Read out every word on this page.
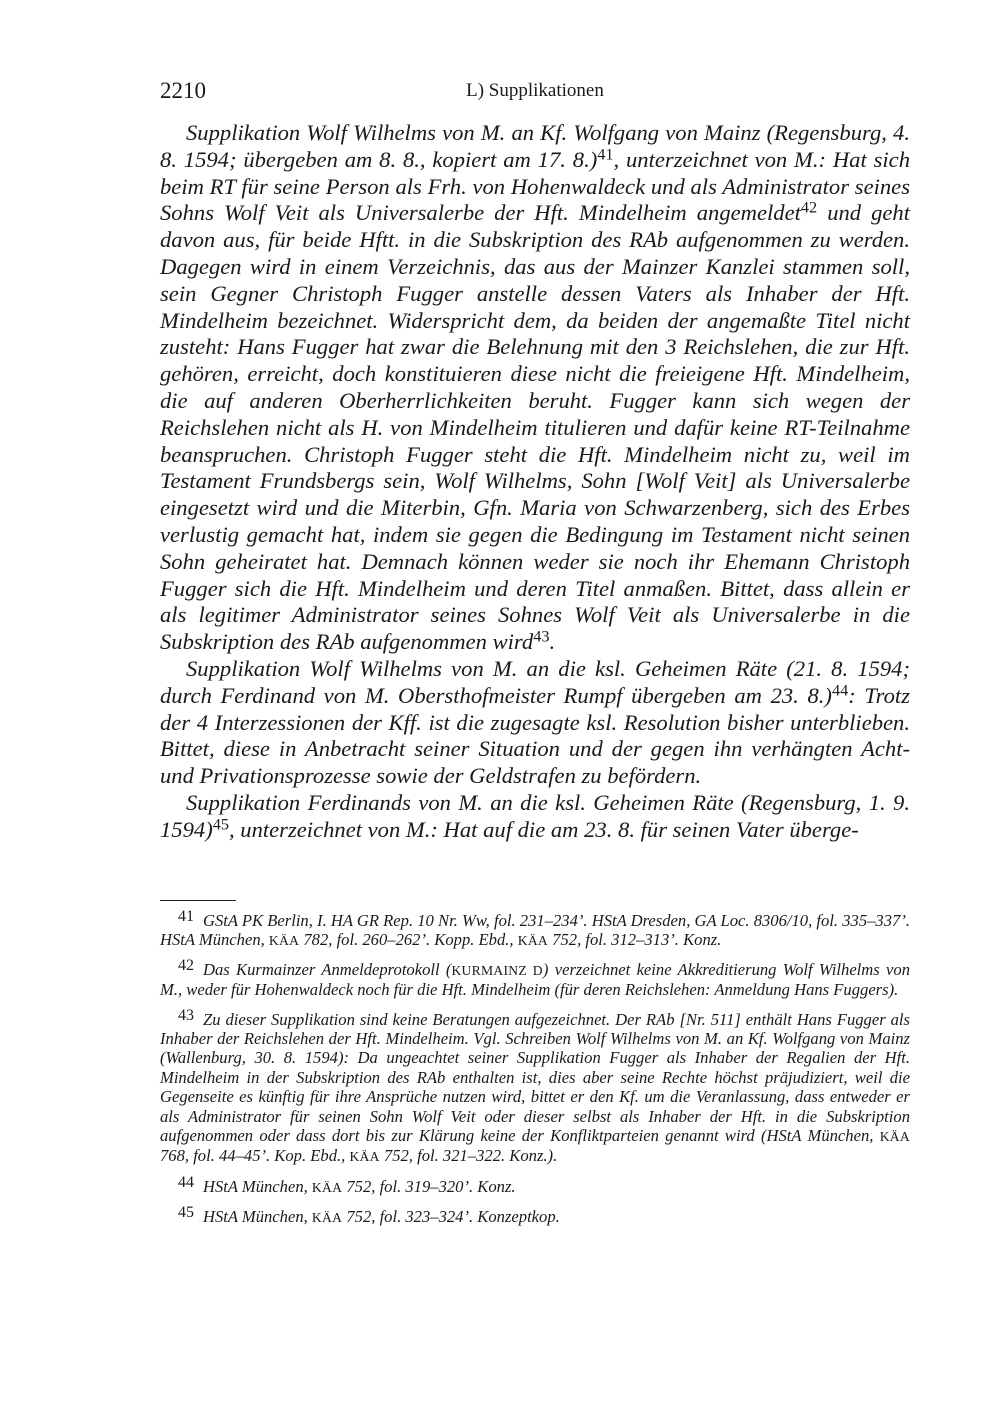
2210	L) Supplikationen

Supplikation Wolf Wilhelms von M. an Kf. Wolfgang von Mainz (Regensburg, 4. 8. 1594; übergeben am 8. 8., kopiert am 17. 8.)$^{41}$, unterzeichnet von M.: Hat sich beim RT für seine Person als Frh. von Hohenwaldeck und als Administrator seines Sohns Wolf Veit als Universalerbe der Hft. Mindelheim angemeldet$^{42}$ und geht davon aus, für beide Hftt. in die Subskription des RAb aufgenommen zu werden. Dagegen wird in einem Verzeichnis, das aus der Mainzer Kanzlei stammen soll, sein Gegner Christoph Fugger anstelle dessen Vaters als Inhaber der Hft. Mindelheim bezeichnet. Widerspricht dem, da beiden der angemaßte Titel nicht zusteht: Hans Fugger hat zwar die Belehnung mit den 3 Reichslehen, die zur Hft. gehören, erreicht, doch konstituieren diese nicht die freieigene Hft. Mindelheim, die auf anderen Oberherrlichkeiten beruht. Fugger kann sich wegen der Reichslehen nicht als H. von Mindelheim titulieren und dafür keine RT-Teilnahme beanspruchen. Christoph Fugger steht die Hft. Mindelheim nicht zu, weil im Testament Frundsbergs sein, Wolf Wilhelms, Sohn [Wolf Veit] als Universalerbe eingesetzt wird und die Miterbin, Gfn. Maria von Schwarzenberg, sich des Erbes verlustig gemacht hat, indem sie gegen die Bedingung im Testament nicht seinen Sohn geheiratet hat. Demnach können weder sie noch ihr Ehemann Christoph Fugger sich die Hft. Mindelheim und deren Titel anmaßen. Bittet, dass allein er als legitimer Administrator seines Sohnes Wolf Veit als Universalerbe in die Subskription des RAb aufgenommen wird$^{43}$.

Supplikation Wolf Wilhelms von M. an die ksl. Geheimen Räte (21. 8. 1594; durch Ferdinand von M. Obersthofmeister Rumpf übergeben am 23. 8.)$^{44}$: Trotz der 4 Interzessionen der Kff. ist die zugesagte ksl. Resolution bisher unterblieben. Bittet, diese in Anbetracht seiner Situation und der gegen ihn verhängten Acht- und Privationsprozesse sowie der Geldstrafen zu befördern.

Supplikation Ferdinands von M. an die ksl. Geheimen Räte (Regensburg, 1. 9. 1594)$^{45}$, unterzeichnet von M.: Hat auf die am 23. 8. für seinen Vater überge-

41 GStA PK Berlin, I. HA GR Rep. 10 Nr. Ww, fol. 231–234’. HStA Dresden, GA Loc. 8306/10, fol. 335–337’. HStA München, KÄA 782, fol. 260–262’. Kopp. Ebd., KÄA 752, fol. 312–313’. Konz.

42 Das Kurmainzer Anmeldeprotokoll (KURMAINZ D) verzeichnet keine Akkreditierung Wolf Wilhelms von M., weder für Hohenwaldeck noch für die Hft. Mindelheim (für deren Reichslehen: Anmeldung Hans Fuggers).

43 Zu dieser Supplikation sind keine Beratungen aufgezeichnet. Der RAb [Nr. 511] enthält Hans Fugger als Inhaber der Reichslehen der Hft. Mindelheim. Vgl. Schreiben Wolf Wilhelms von M. an Kf. Wolfgang von Mainz (Wallenburg, 30. 8. 1594): Da ungeachtet seiner Supplikation Fugger als Inhaber der Regalien der Hft. Mindelheim in der Subskription des RAb enthalten ist, dies aber seine Rechte höchst präjudiziert, weil die Gegenseite es künftig für ihre Ansprüche nutzen wird, bittet er den Kf. um die Veranlassung, dass entweder er als Administrator für seinen Sohn Wolf Veit oder dieser selbst als Inhaber der Hft. in die Subskription aufgenommen oder dass dort bis zur Klärung keine der Konfliktparteien genannt wird (HStA München, KÄA 768, fol. 44–45’. Kop. Ebd., KÄA 752, fol. 321–322. Konz.).

44 HStA München, KÄA 752, fol. 319–320’. Konz.

45 HStA München, KÄA 752, fol. 323–324’. Konzeptkop.
